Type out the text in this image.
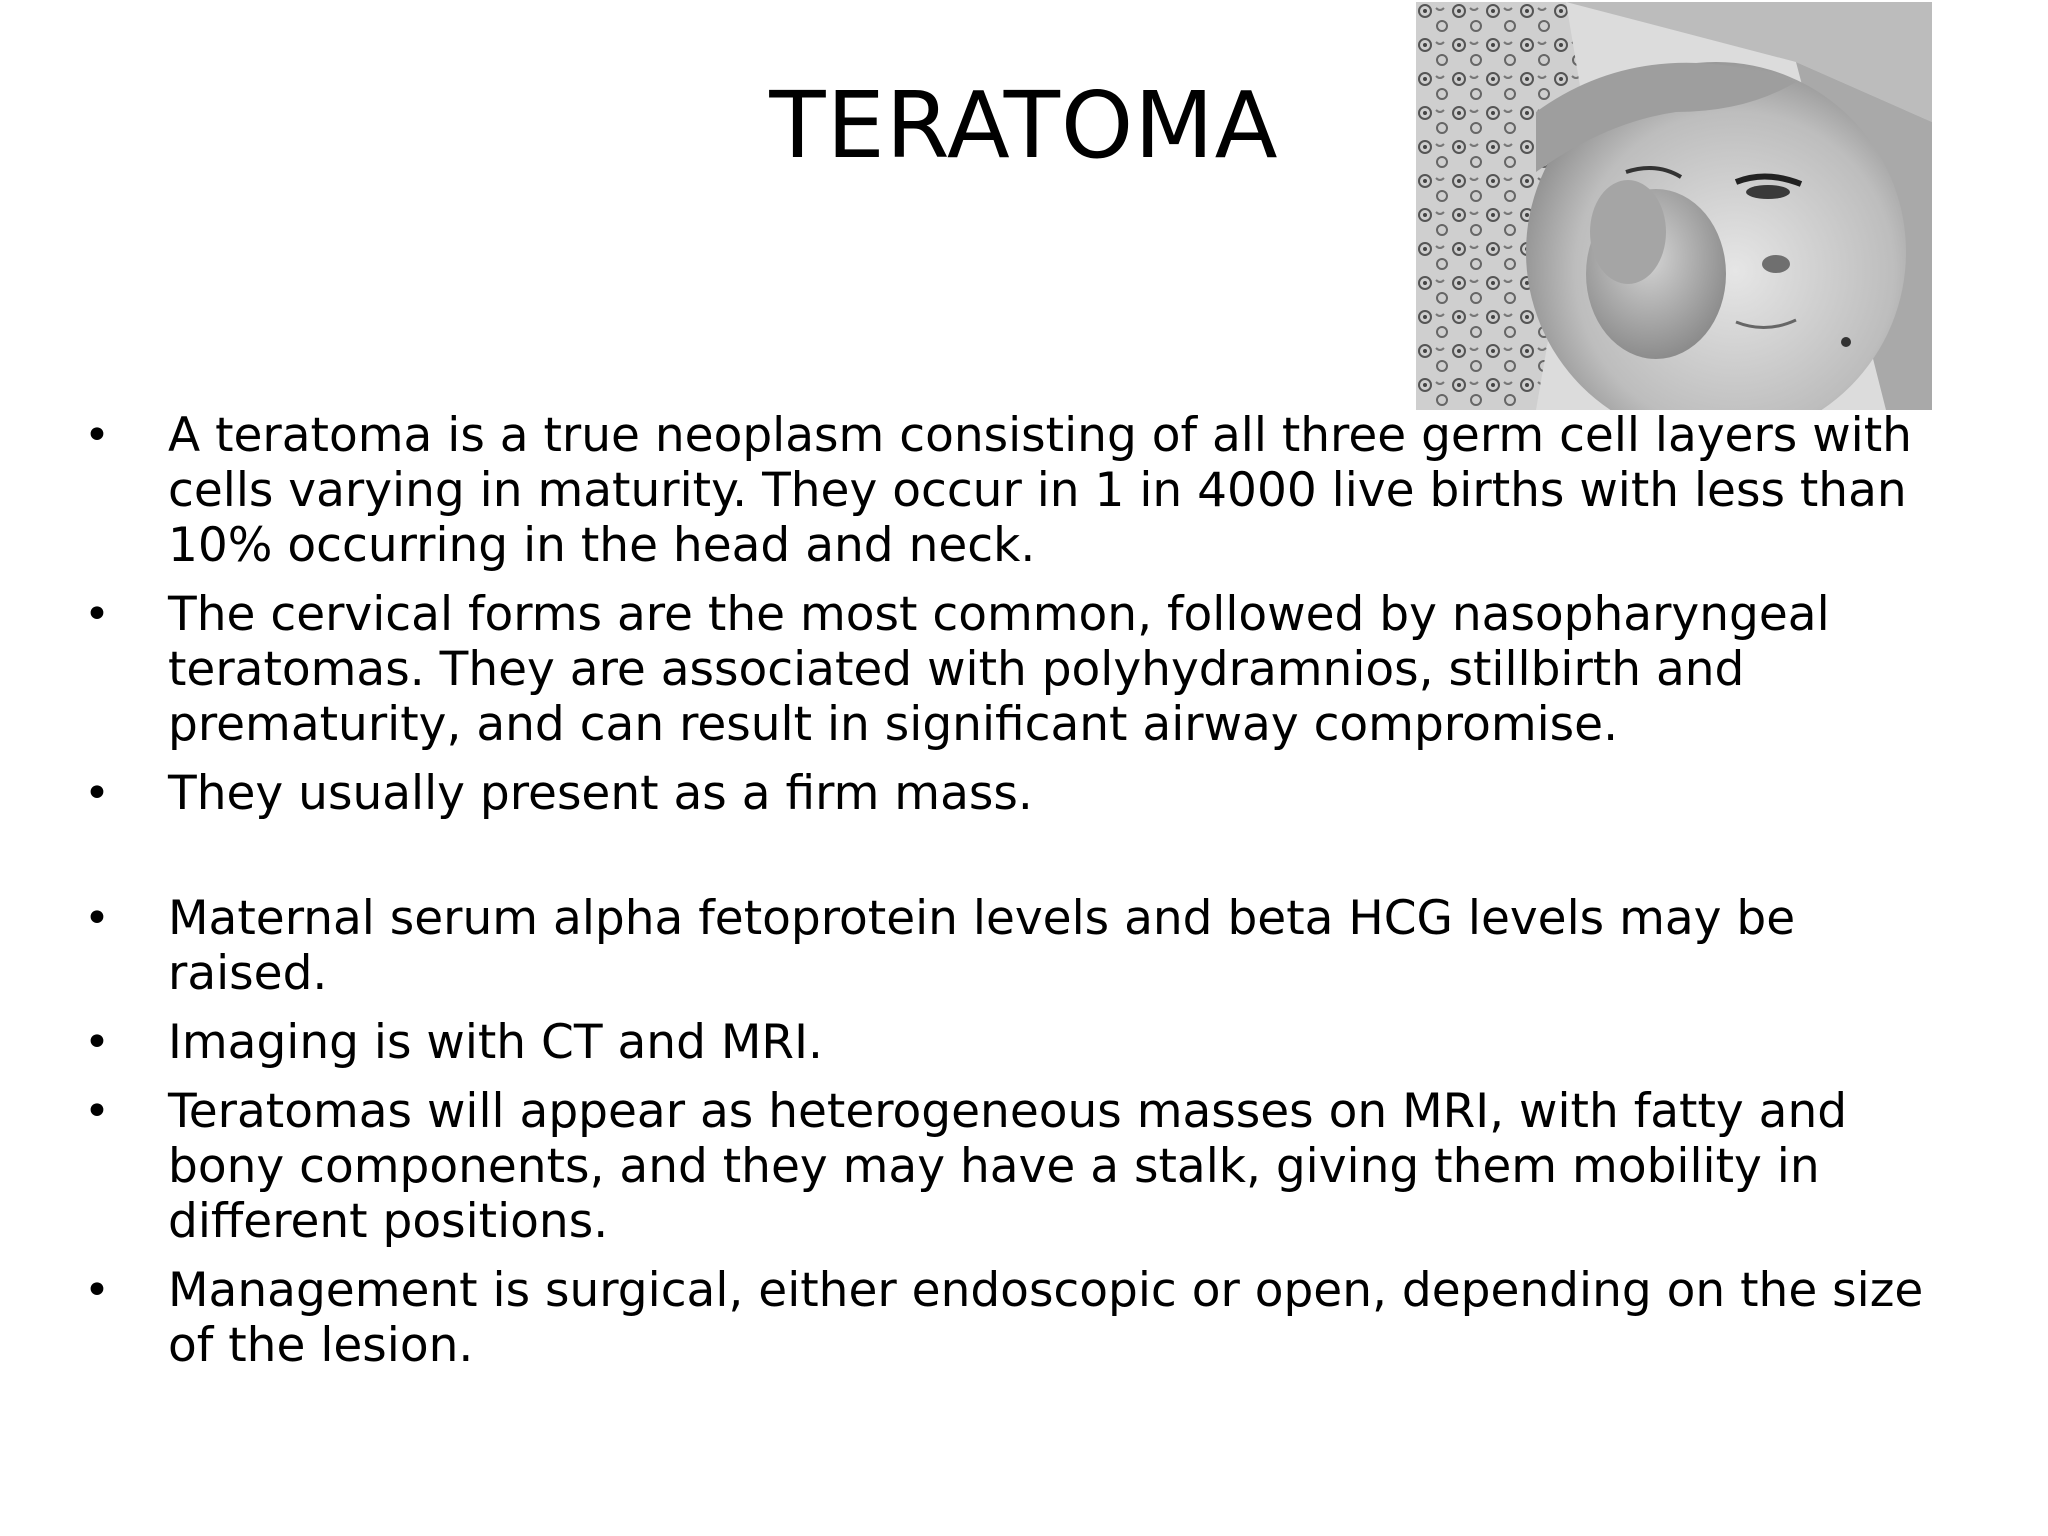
TERATOMA
•	A teratoma is a true neoplasm consisting of all three germ cell layers with cells varying in maturity. They occur in 1 in 4000 live births with less than 10% occurring in the head and neck.
•	The cervical forms are the most common, followed by nasopharyngeal teratomas. They are associated with polyhydramnios, stillbirth and prematurity, and can result in significant airway compromise.
•	They usually present as a firm mass.
•	Maternal serum alpha fetoprotein levels and beta HCG levels may be raised.
•	Imaging is with CT and MRI.
•	Teratomas will appear as heterogeneous masses on MRI, with fatty and bony components, and they may have a stalk, giving them mobility in different positions.
•	Management is surgical, either endoscopic or open, depending on the size of the lesion.
